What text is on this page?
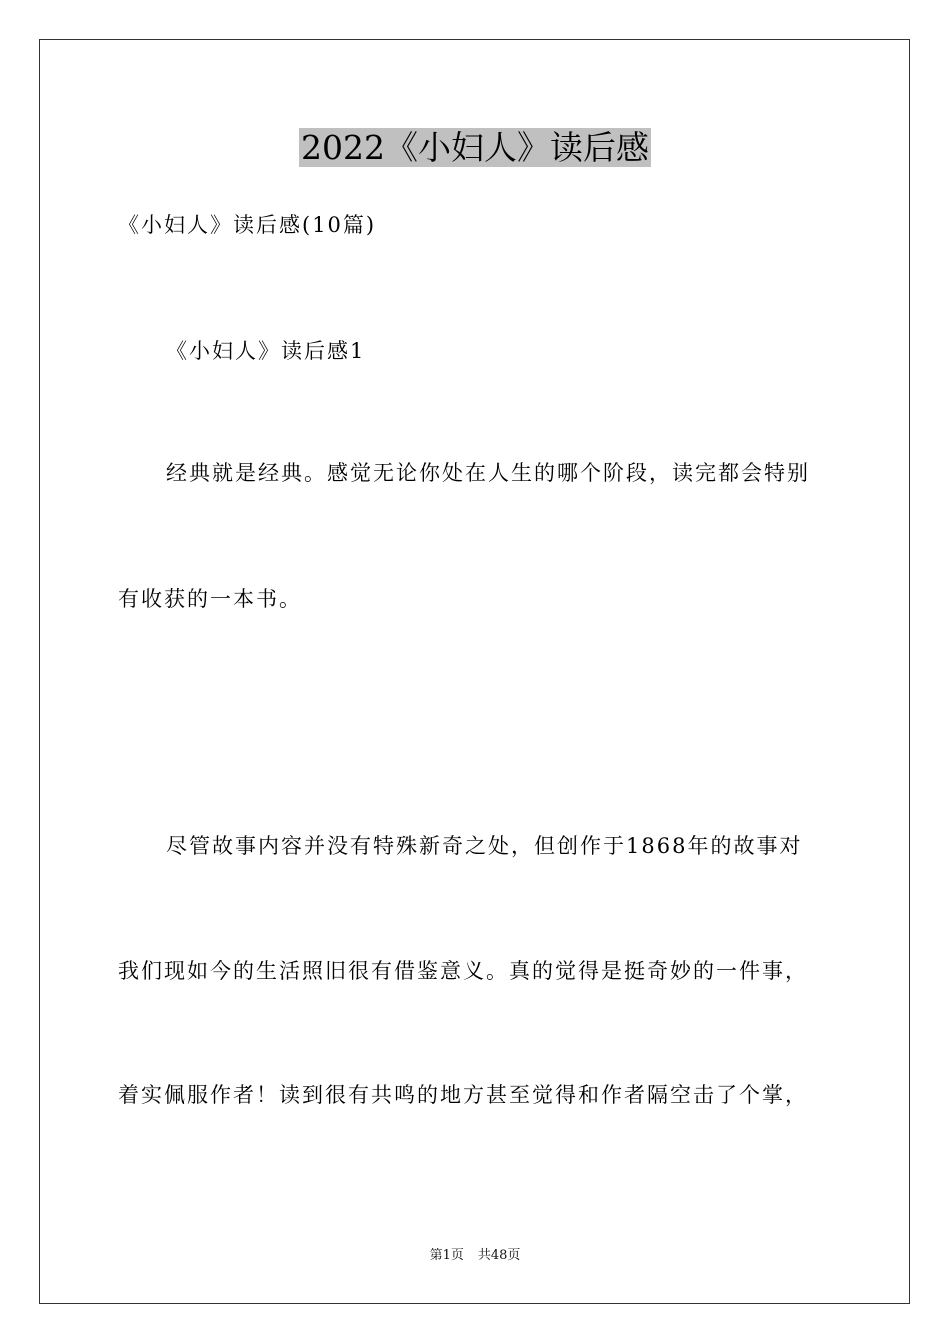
2022《小妇人》读后感
《小妇人》读后感(10篇)
《小妇人》读后感1
经典就是经典。感觉无论你处在人生的哪个阶段，读完都会特别
有收获的一本书。
尽管故事内容并没有特殊新奇之处，但创作于1868年的故事对
我们现如今的生活照旧很有借鉴意义。真的觉得是挺奇妙的一件事，
着实佩服作者！读到很有共鸣的地方甚至觉得和作者隔空击了个掌，
第1页 共48页
